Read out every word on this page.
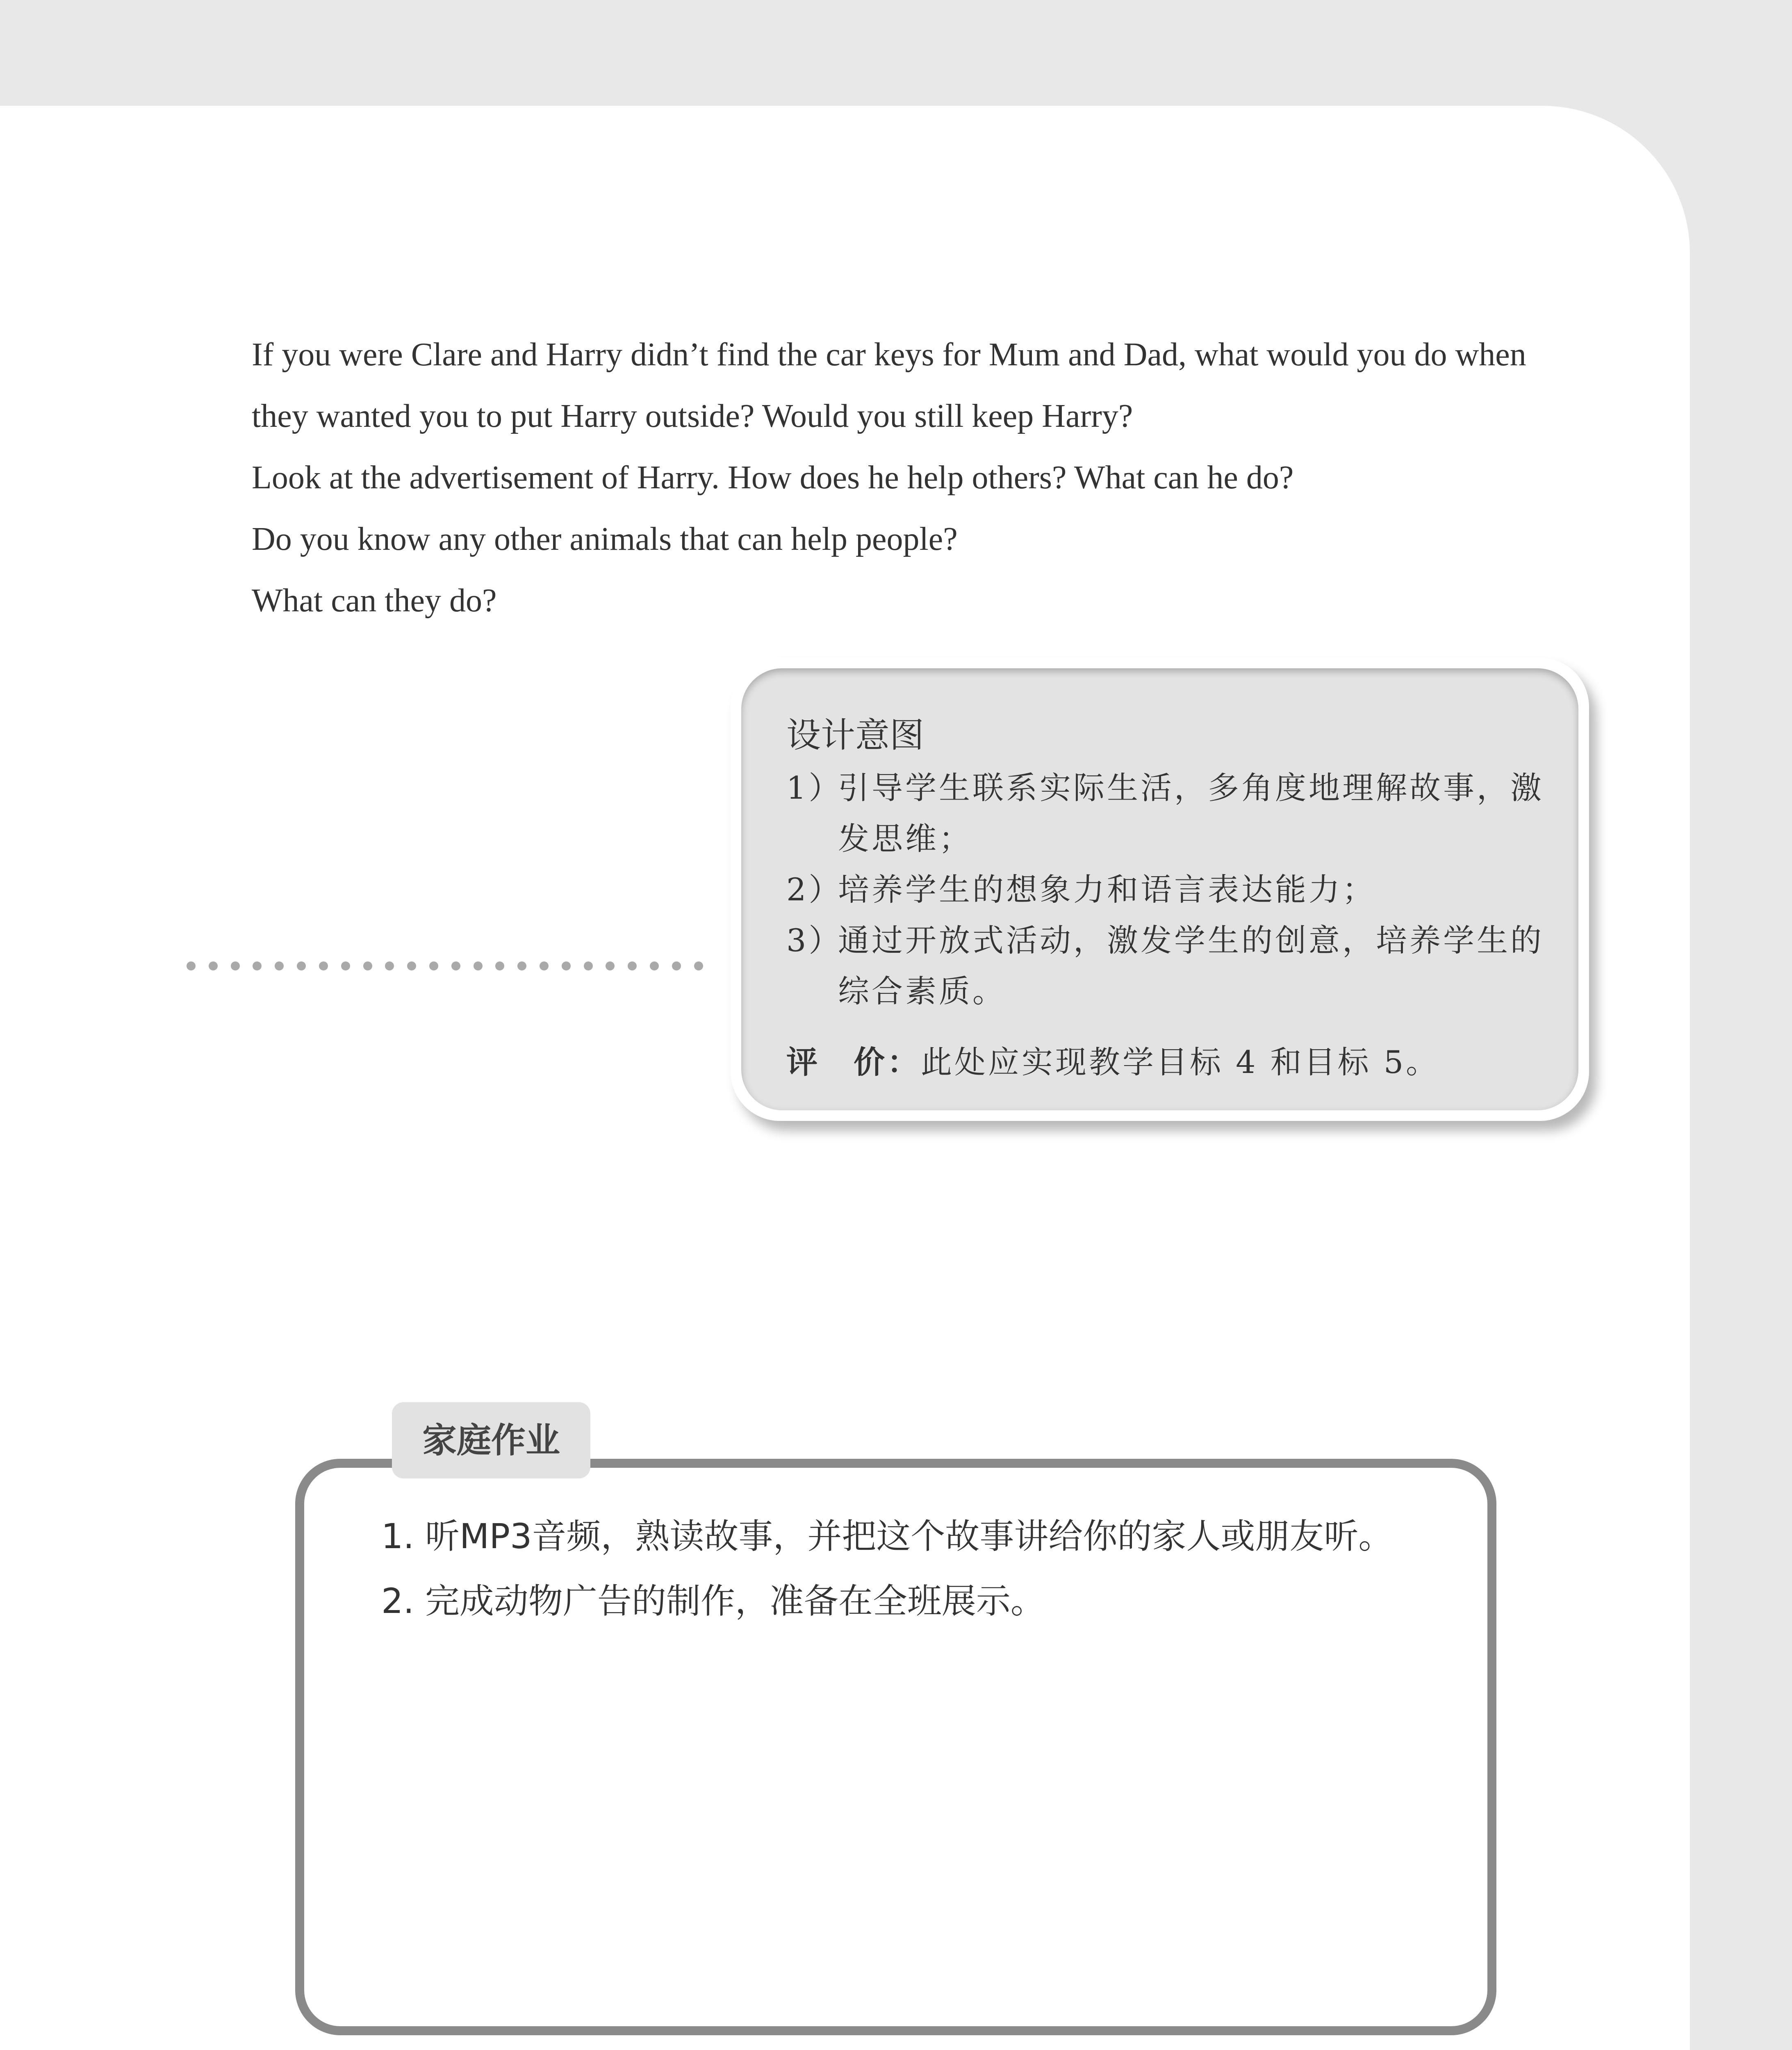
If you were Clare and Harry didn’t find the car keys for Mum and Dad, what would you do when

they wanted you to put Harry outside? Would you still keep Harry?

Look at the advertisement of Harry. How does he help others? What can he do?

Do you know any other animals that can help people?

What can they do?

设计意图
1）引导学生联系实际生活，多角度地理解故事，激
发思维；
2）培养学生的想象力和语言表达能力；
3）通过开放式活动，激发学生的创意，培养学生的
综合素质。
评　价：此处应实现教学目标 4 和目标 5。
家庭作业
1. 听MP3音频，熟读故事，并把这个故事讲给你的家人或朋友听。
2. 完成动物广告的制作，准备在全班展示。
